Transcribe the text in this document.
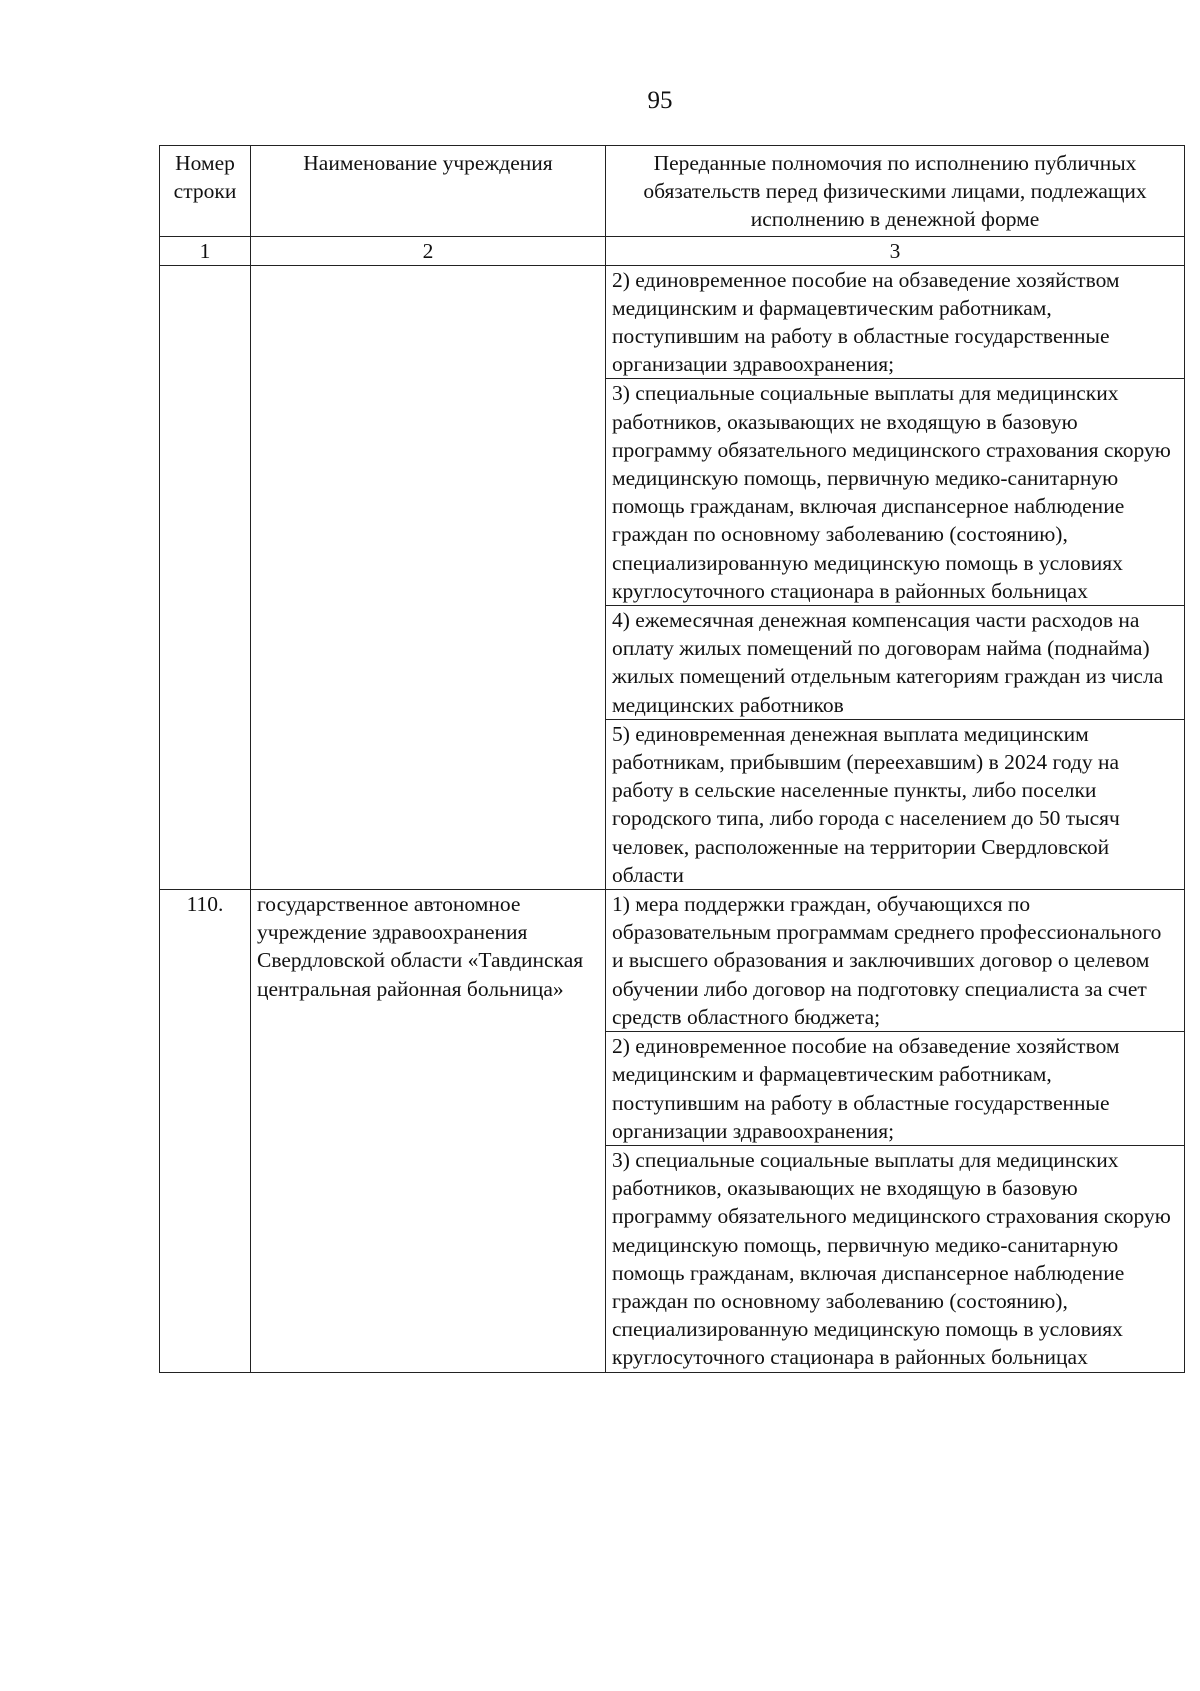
95
Номер строки	Наименование учреждения	Переданные полномочия по исполнению публичных обязательств перед физическими лицами, подлежащих исполнению в денежной форме
1	2	3
		2) единовременное пособие на обзаведение хозяйством медицинским и фармацевтическим работникам, поступившим на работу в областные государственные организации здравоохранения;
		3) специальные социальные выплаты для медицинских работников, оказывающих не входящую в базовую программу обязательного медицинского страхования скорую медицинскую помощь, первичную медико-санитарную помощь гражданам, включая диспансерное наблюдение граждан по основному заболеванию (состоянию), специализированную медицинскую помощь в условиях круглосуточного стационара в районных больницах
		4) ежемесячная денежная компенсация части расходов на оплату жилых помещений по договорам найма (поднайма) жилых помещений отдельным категориям граждан из числа медицинских работников
		5) единовременная денежная выплата медицинским работникам, прибывшим (переехавшим) в 2024 году на работу в сельские населенные пункты, либо поселки городского типа, либо города с населением до 50 тысяч человек, расположенные на территории Свердловской области
110.	государственное автономное учреждение здравоохранения Свердловской области «Тавдинская центральная районная больница»	1) мера поддержки граждан, обучающихся по образовательным программам среднего профессионального и высшего образования и заключивших договор о целевом обучении либо договор на подготовку специалиста за счет средств областного бюджета;
		2) единовременное пособие на обзаведение хозяйством медицинским и фармацевтическим работникам, поступившим на работу в областные государственные организации здравоохранения;
		3) специальные социальные выплаты для медицинских работников, оказывающих не входящую в базовую программу обязательного медицинского страхования скорую медицинскую помощь, первичную медико-санитарную помощь гражданам, включая диспансерное наблюдение граждан по основному заболеванию (состоянию), специализированную медицинскую помощь в условиях круглосуточного стационара в районных больницах
